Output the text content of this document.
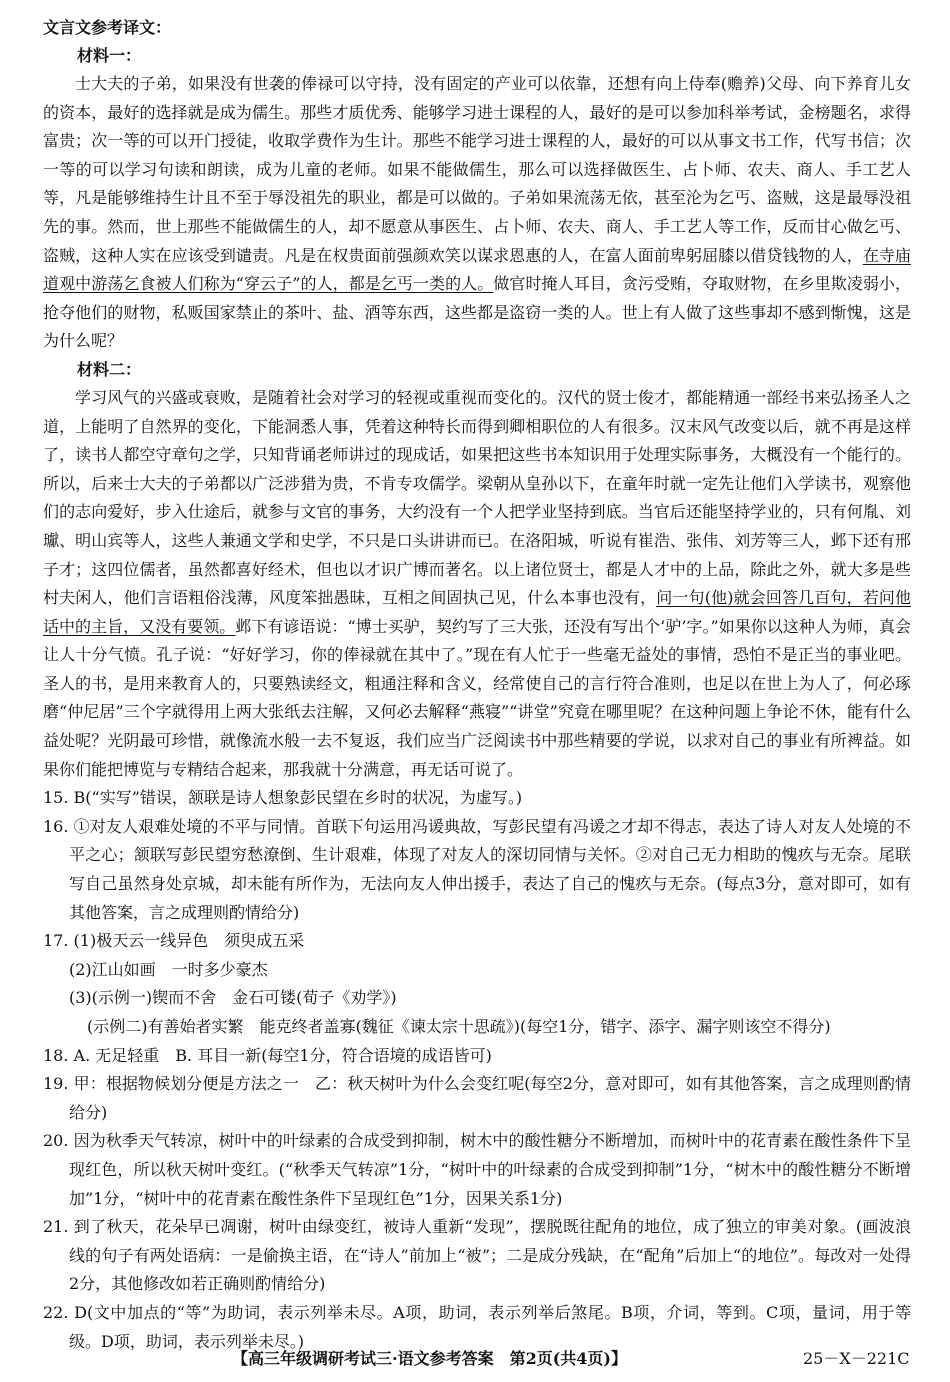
文言文参考译文：

材料一：

士大夫的子弟，如果没有世袭的俸禄可以守持，没有固定的产业可以依靠，还想有向上侍奉(赡养)父母、向下养育儿女的资本，最好的选择就是成为儒生。那些才质优秀、能够学习进士课程的人，最好的是可以参加科举考试，金榜题名，求得富贵；次一等的可以开门授徒，收取学费作为生计。那些不能学习进士课程的人，最好的可以从事文书工作，代写书信；次一等的可以学习句读和朗读，成为儿童的老师。如果不能做儒生，那么可以选择做医生、占卜师、农夫、商人、手工艺人等，凡是能够维持生计且不至于辱没祖先的职业，都是可以做的。子弟如果流荡无依，甚至沦为乞丐、盗贼，这是最辱没祖先的事。然而，世上那些不能做儒生的人，却不愿意从事医生、占卜师、农夫、商人、手工艺人等工作，反而甘心做乞丐、盗贼，这种人实在应该受到谴责。凡是在权贵面前强颜欢笑以谋求恩惠的人，在富人面前卑躬屈膝以借贷钱物的人，在寺庙道观中游荡乞食被人们称为“穿云子”的人，都是乞丐一类的人。做官时掩人耳目，贪污受贿，夺取财物，在乡里欺凌弱小，抢夺他们的财物，私贩国家禁止的茶叶、盐、酒等东西，这些都是盗窃一类的人。世上有人做了这些事却不感到惭愧，这是为什么呢？

材料二：

学习风气的兴盛或衰败，是随着社会对学习的轻视或重视而变化的。汉代的贤士俊才，都能精通一部经书来弘扬圣人之道，上能明了自然界的变化，下能洞悉人事，凭着这种特长而得到卿相职位的人有很多。汉末风气改变以后，就不再是这样了，读书人都空守章句之学，只知背诵老师讲过的现成话，如果把这些书本知识用于处理实际事务，大概没有一个能行的。所以，后来士大夫的子弟都以广泛涉猎为贵，不肯专攻儒学。梁朝从皇孙以下，在童年时就一定先让他们入学读书，观察他们的志向爱好，步入仕途后，就参与文官的事务，大约没有一个人把学业坚持到底。当官后还能坚持学业的，只有何胤、刘瓛、明山宾等人，这些人兼通文学和史学，不只是口头讲讲而已。在洛阳城，听说有崔浩、张伟、刘芳等三人，邺下还有邢子才；这四位儒者，虽然都喜好经术，但也以才识广博而著名。以上诸位贤士，都是人才中的上品，除此之外，就大多是些村夫闲人，他们言语粗俗浅薄，风度笨拙愚昧，互相之间固执己见，什么本事也没有，问一句(他)就会回答几百句，若问他话中的主旨，又没有要领。邺下有谚语说：“博士买驴，契约写了三大张，还没有写出个‘驴’字。”如果你以这种人为师，真会让人十分气愤。孔子说：“好好学习，你的俸禄就在其中了。”现在有人忙于一些毫无益处的事情，恐怕不是正当的事业吧。圣人的书，是用来教育人的，只要熟读经文，粗通注释和含义，经常使自己的言行符合准则，也足以在世上为人了，何必琢磨“仲尼居”三个字就得用上两大张纸去注解，又何必去解释“燕寝”“讲堂”究竟在哪里呢？在这种问题上争论不休，能有什么益处呢？光阴最可珍惜，就像流水般一去不复返，我们应当广泛阅读书中那些精要的学说，以求对自己的事业有所裨益。如果你们能把博览与专精结合起来，那我就十分满意，再无话可说了。

15. B(“实写”错误，颔联是诗人想象彭民望在乡时的状况，为虚写。)

16. ①对友人艰难处境的不平与同情。首联下句运用冯谖典故，写彭民望有冯谖之才却不得志，表达了诗人对友人处境的不平之心；颔联写彭民望穷愁潦倒、生计艰难，体现了对友人的深切同情与关怀。②对自己无力相助的愧疚与无奈。尾联写自己虽然身处京城，却未能有所作为，无法向友人伸出援手，表达了自己的愧疚与无奈。(每点3分，意对即可，如有其他答案，言之成理则酌情给分)

17. (1)极天云一线异色　须臾成五采

(2)江山如画　一时多少豪杰

(3)(示例一)锲而不舍　金石可镂(荀子《劝学》)

(示例二)有善始者实繁　能克终者盖寡(魏征《谏太宗十思疏》)(每空1分，错字、添字、漏字则该空不得分)

18. A. 无足轻重　B. 耳目一新(每空1分，符合语境的成语皆可)

19. 甲：根据物候划分便是方法之一　乙：秋天树叶为什么会变红呢(每空2分，意对即可，如有其他答案，言之成理则酌情给分)

20. 因为秋季天气转凉，树叶中的叶绿素的合成受到抑制，树木中的酸性糖分不断增加，而树叶中的花青素在酸性条件下呈现红色，所以秋天树叶变红。(“秋季天气转凉”1分，“树叶中的叶绿素的合成受到抑制”1分，“树木中的酸性糖分不断增加”1分，“树叶中的花青素在酸性条件下呈现红色”1分，因果关系1分)

21. 到了秋天，花朵早已凋谢，树叶由绿变红，被诗人重新“发现”，摆脱既往配角的地位，成了独立的审美对象。(画波浪线的句子有两处语病：一是偷换主语，在“诗人”前加上“被”；二是成分残缺，在“配角”后加上“的地位”。每改对一处得2分，其他修改如若正确则酌情给分)

22. D(文中加点的“等”为助词，表示列举未尽。A项，助词，表示列举后煞尾。B项，介词，等到。C项，量词，用于等级。D项，助词，表示列举未尽。)

【高三年级调研考试三·语文参考答案　第2页(共4页)】	25－X－221C
